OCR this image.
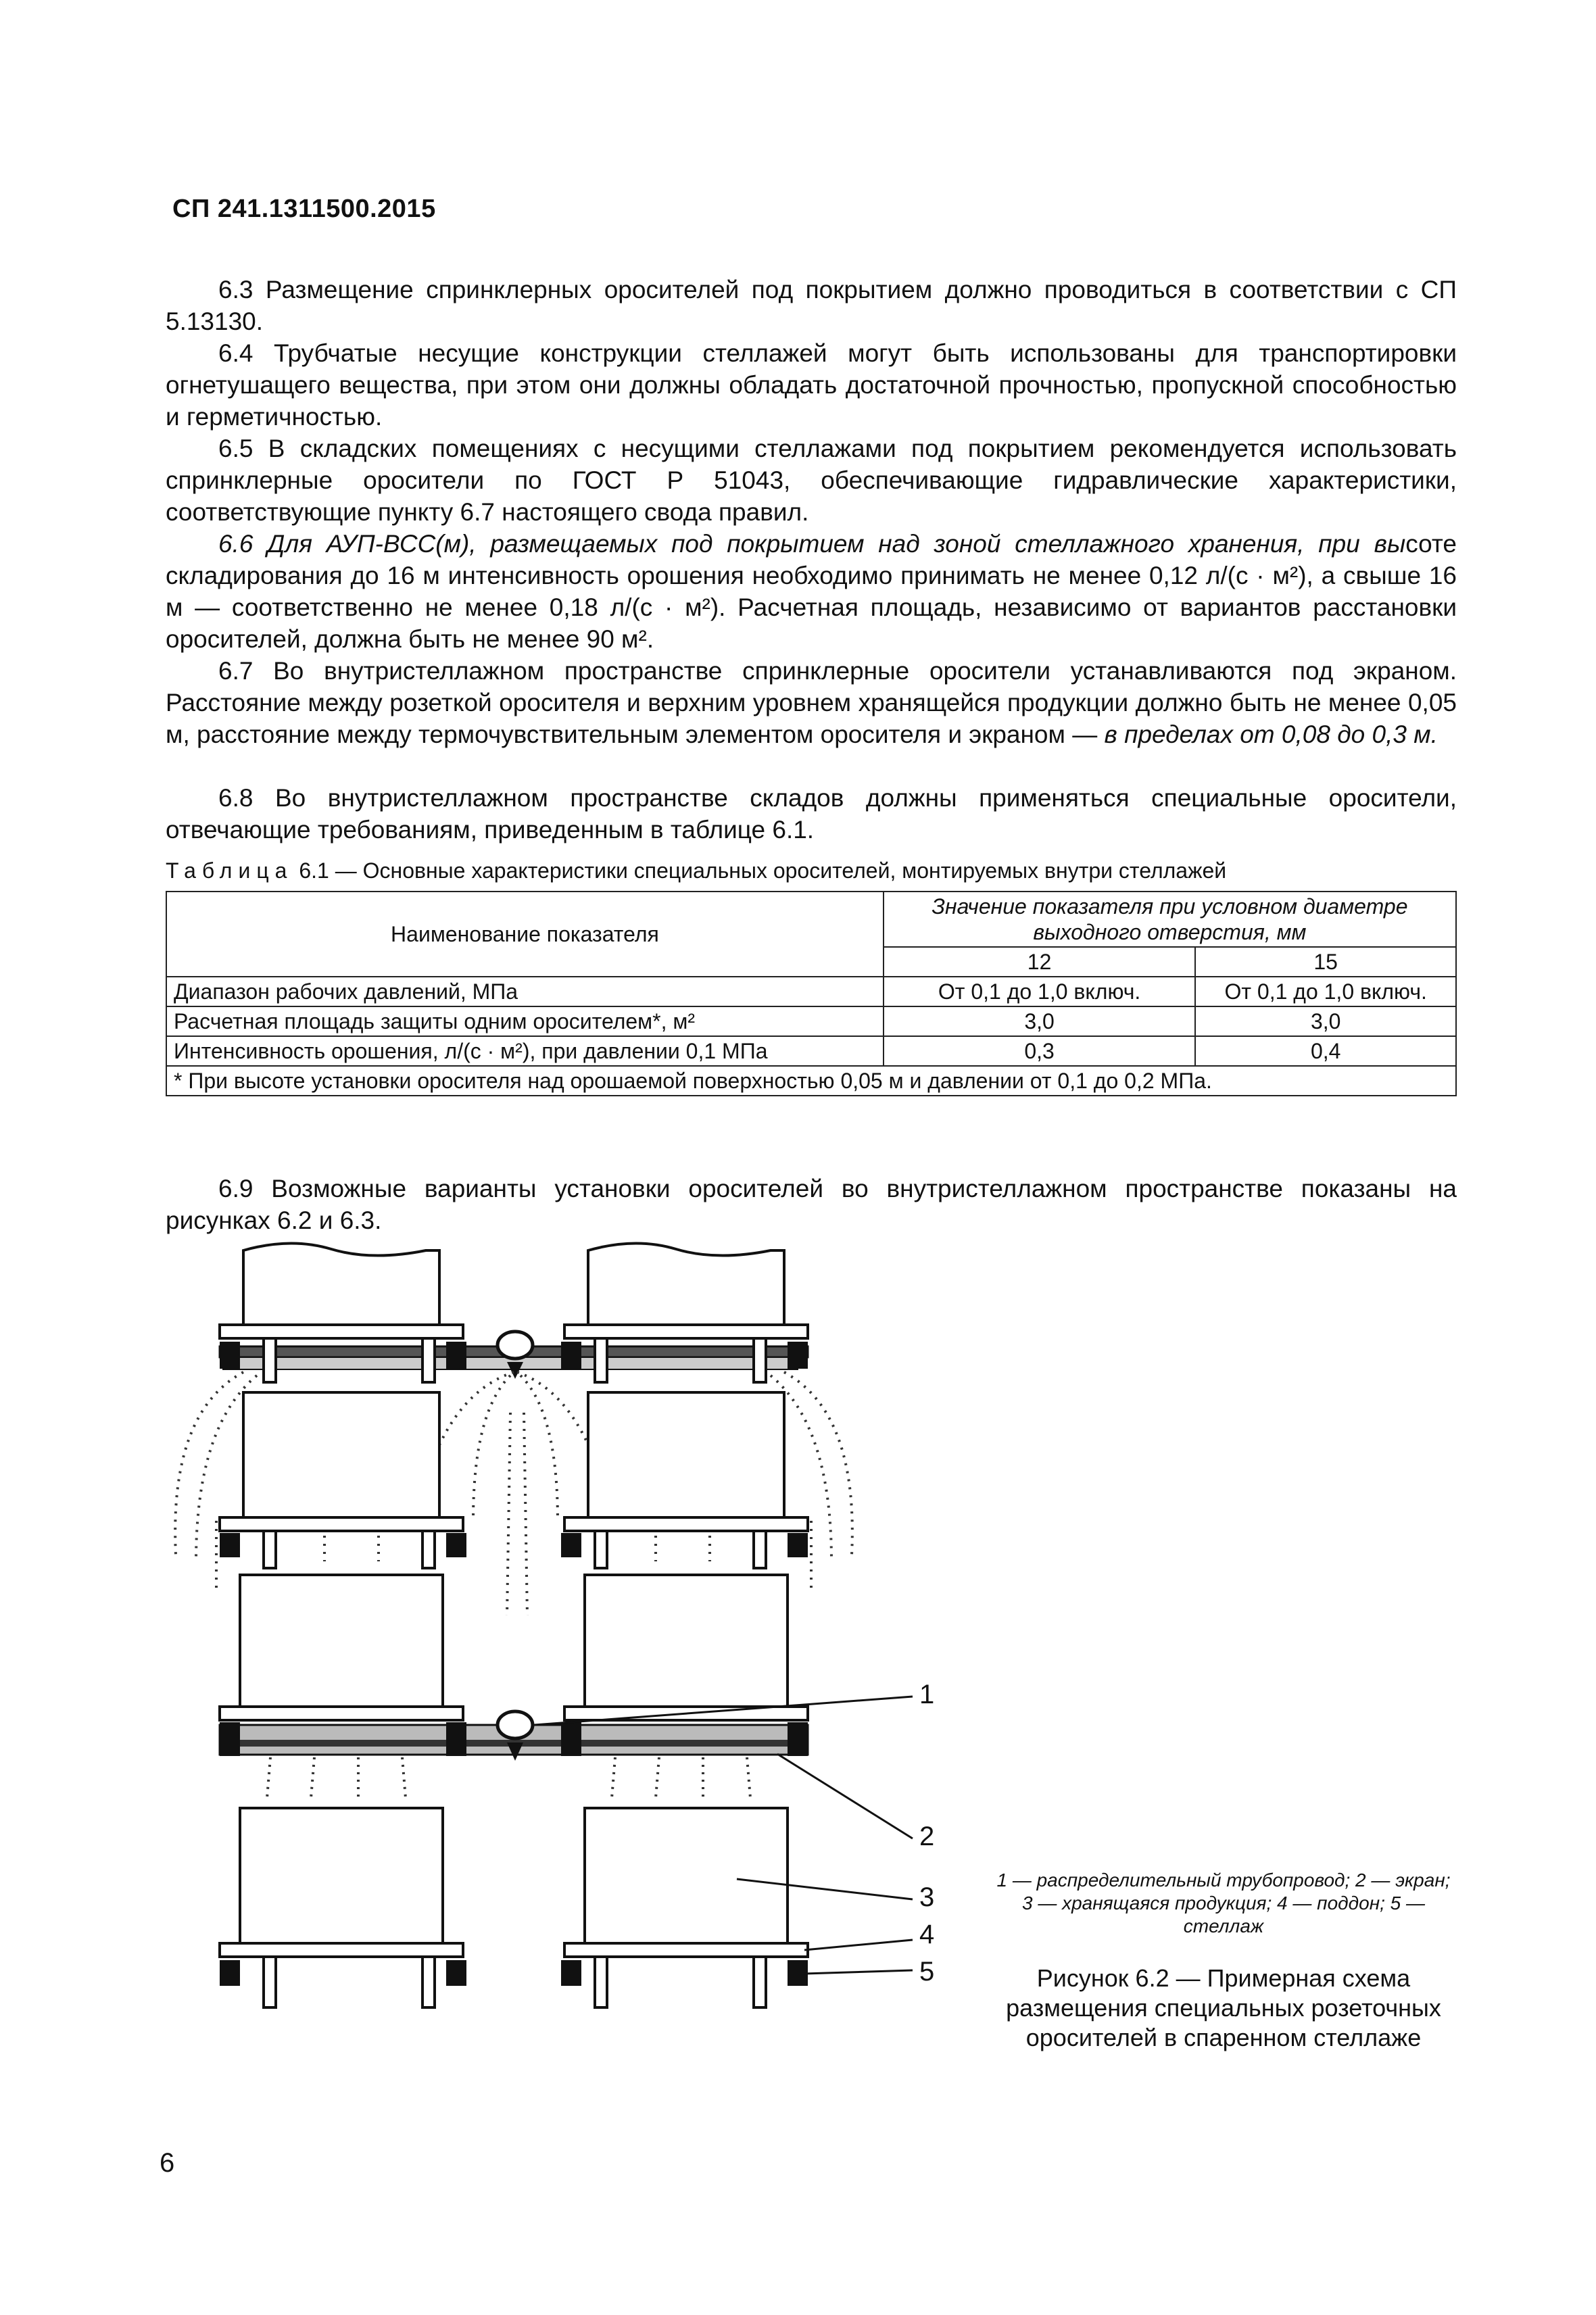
СП 241.1311500.2015

6.3 Размещение спринклерных оросителей под покрытием должно проводиться в соответствии с СП 5.13130.

6.4 Трубчатые несущие конструкции стеллажей могут быть использованы для транспортировки огнетушащего вещества, при этом они должны обладать достаточной прочностью, пропускной способностью и герметичностью.

6.5 В складских помещениях с несущими стеллажами под покрытием рекомендуется использовать спринклерные оросители по ГОСТ Р 51043, обеспечивающие гидравлические характеристики, соответствующие пункту 6.7 настоящего свода правил.

6.6 Для АУП-ВСС(м), размещаемых под покрытием над зоной стеллажного хранения, при высоте складирования до 16 м интенсивность орошения необходимо принимать не менее 0,12 л/(с · м²), а свыше 16 м — соответственно не менее 0,18 л/(с · м²). Расчетная площадь, независимо от вариантов расстановки оросителей, должна быть не менее 90 м².

6.7 Во внутристеллажном пространстве спринклерные оросители устанавливаются под экраном. Расстояние между розеткой оросителя и верхним уровнем хранящейся продукции должно быть не менее 0,05 м, расстояние между термочувствительным элементом оросителя и экраном — в пределах от 0,08 до 0,3 м.

6.8 Во внутристеллажном пространстве складов должны применяться специальные оросители, отвечающие требованиям, приведенным в таблице 6.1.

Таблица 6.1 — Основные характеристики специальных оросителей, монтируемых внутри стеллажей
Наименование показателя	Значение показателя при условном диаметре выходного отверстия, мм	
	12	15
Диапазон рабочих давлений, МПа	От 0,1 до 1,0 включ.	От 0,1 до 1,0 включ.
Расчетная площадь защиты одним оросителем*, м²	3,0	3,0
Интенсивность орошения, л/(с · м²), при давлении 0,1 МПа	0,3	0,4
* При высоте установки оросителя над орошаемой поверхностью 0,05 м и давлении от 0,1 до 0,2 МПа.		

6.9 Возможные варианты установки оросителей во внутристеллажном пространстве показаны на рисунках 6.2 и 6.3.

1
2
3
4
5
1 — распределительный трубопровод; 2 — экран; 3 — хранящаяся продукция; 4 — поддон; 5 — стеллаж
Рисунок 6.2 — Примерная схема размещения специальных розеточных оросителей в спаренном стеллаже
6
